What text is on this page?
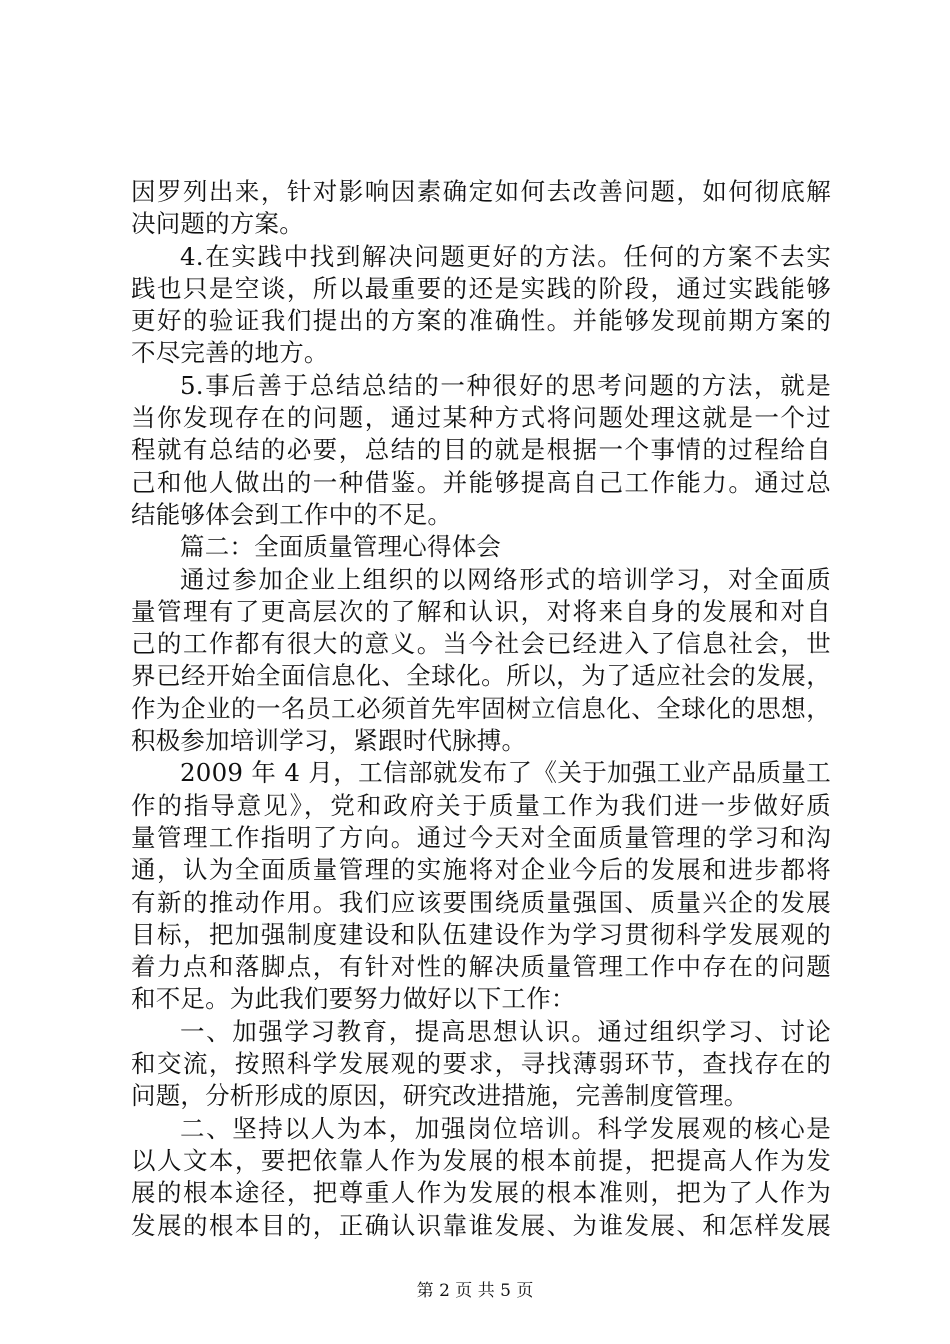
因罗列出来，针对影响因素确定如何去改善问题，如何彻底解
决问题的方案。
4.在实践中找到解决问题更好的方法。任何的方案不去实
践也只是空谈，所以最重要的还是实践的阶段，通过实践能够
更好的验证我们提出的方案的准确性。并能够发现前期方案的
不尽完善的地方。
5.事后善于总结总结的一种很好的思考问题的方法，就是
当你发现存在的问题，通过某种方式将问题处理这就是一个过
程就有总结的必要，总结的目的就是根据一个事情的过程给自
己和他人做出的一种借鉴。并能够提高自己工作能力。通过总
结能够体会到工作中的不足。
篇二：全面质量管理心得体会
通过参加企业上组织的以网络形式的培训学习，对全面质
量管理有了更高层次的了解和认识，对将来自身的发展和对自
己的工作都有很大的意义。当今社会已经进入了信息社会，世
界已经开始全面信息化、全球化。所以，为了适应社会的发展，
作为企业的一名员工必须首先牢固树立信息化、全球化的思想，
积极参加培训学习，紧跟时代脉搏。
2009 年 4 月，工信部就发布了《关于加强工业产品质量工
作的指导意见》，党和政府关于质量工作为我们进一步做好质
量管理工作指明了方向。通过今天对全面质量管理的学习和沟
通，认为全面质量管理的实施将对企业今后的发展和进步都将
有新的推动作用。我们应该要围绕质量强国、质量兴企的发展
目标，把加强制度建设和队伍建设作为学习贯彻科学发展观的
着力点和落脚点，有针对性的解决质量管理工作中存在的问题
和不足。为此我们要努力做好以下工作：
一、加强学习教育，提高思想认识。通过组织学习、讨论
和交流，按照科学发展观的要求，寻找薄弱环节，查找存在的
问题，分析形成的原因，研究改进措施，完善制度管理。
二、坚持以人为本，加强岗位培训。科学发展观的核心是
以人文本，要把依靠人作为发展的根本前提，把提高人作为发
展的根本途径，把尊重人作为发展的根本准则，把为了人作为
发展的根本目的，正确认识靠谁发展、为谁发展、和怎样发展
第 2 页 共 5 页
